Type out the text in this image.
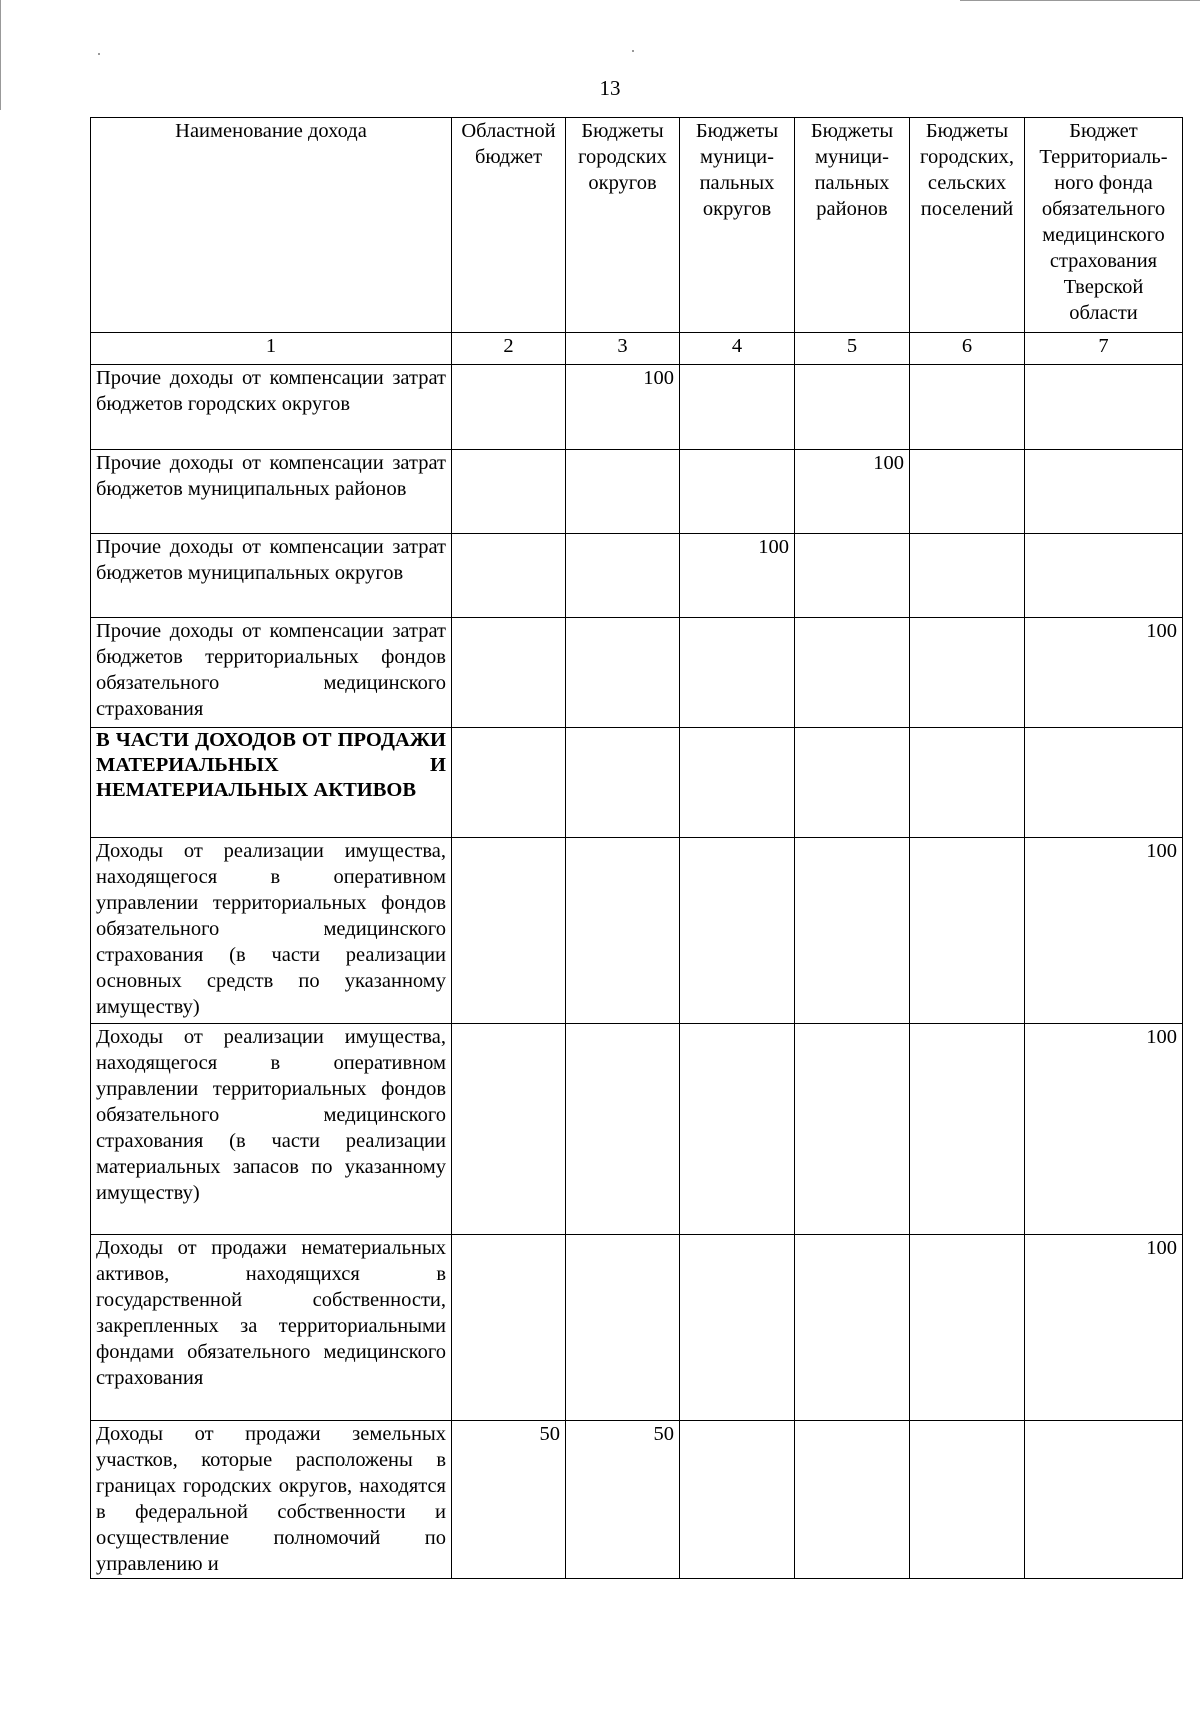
13
Наименование дохода	Областной бюджет	Бюджеты городских округов	Бюджеты муници-пальных округов	Бюджеты муници-пальных районов	Бюджеты городских, сельских поселений	Бюджет Территориаль-ного фонда обязательного медицинского страхования Тверской области
1	2	3	4	5	6	7
Прочие доходы от компенсации затрат бюджетов городских округов		100				
Прочие доходы от компенсации затрат бюджетов муниципальных районов				100		
Прочие доходы от компенсации затрат бюджетов муниципальных округов			100			
Прочие доходы от компенсации затрат бюджетов территориальных фондов обязательного медицинского страхования						100
В ЧАСТИ ДОХОДОВ ОТ ПРОДАЖИ МАТЕРИАЛЬНЫХ И НЕМАТЕРИАЛЬНЫХ АКТИВОВ						
Доходы от реализации имущества, находящегося в оперативном управлении территориальных фондов обязательного медицинского страхования (в части реализации основных средств по указанному имуществу)						100
Доходы от реализации имущества, находящегося в оперативном управлении территориальных фондов обязательного медицинского страхования (в части реализации материальных запасов по указанному имуществу)						100
Доходы от продажи нематериальных активов, находящихся в государственной собственности, закрепленных за территориальными фондами обязательного медицинского страхования						100
Доходы от продажи земельных участков, которые расположены в границах городских округов, находятся в федеральной собственности и осуществление полномочий по управлению и	50	50				
